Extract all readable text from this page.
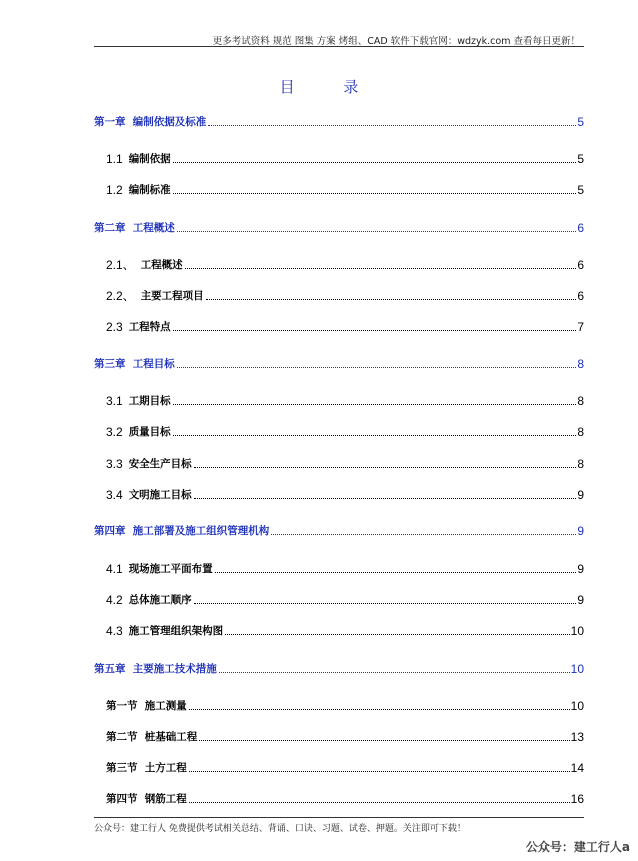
更多考试资料 规范 图集 方案 烤组、CAD 软件下载官网：wdzyk.com 查看每日更新！
目 录
第一章  编制依据及标准	5
1.1 编制依据	5
1.2 编制标准	5
第二章  工程概述	6
2.1、 工程概述	6
2.2、 主要工程项目	6
2.3 工程特点	7
第三章  工程目标	8
3.1 工期目标	8
3.2 质量目标	8
3.3 安全生产目标	8
3.4 文明施工目标	9
第四章  施工部署及施工组织管理机构	9
4.1 现场施工平面布置	9
4.2 总体施工顺序	9
4.3 施工管理组织架构图	10
第五章  主要施工技术措施	10
第一节  施工测量	10
第二节  桩基础工程	13
第三节  土方工程	14
第四节  钢筋工程	16
公众号：建工行人 免费提供考试相关总结、背诵、口诀、习题、试卷、押题。关注即可下载！
公众号：建工行人a
